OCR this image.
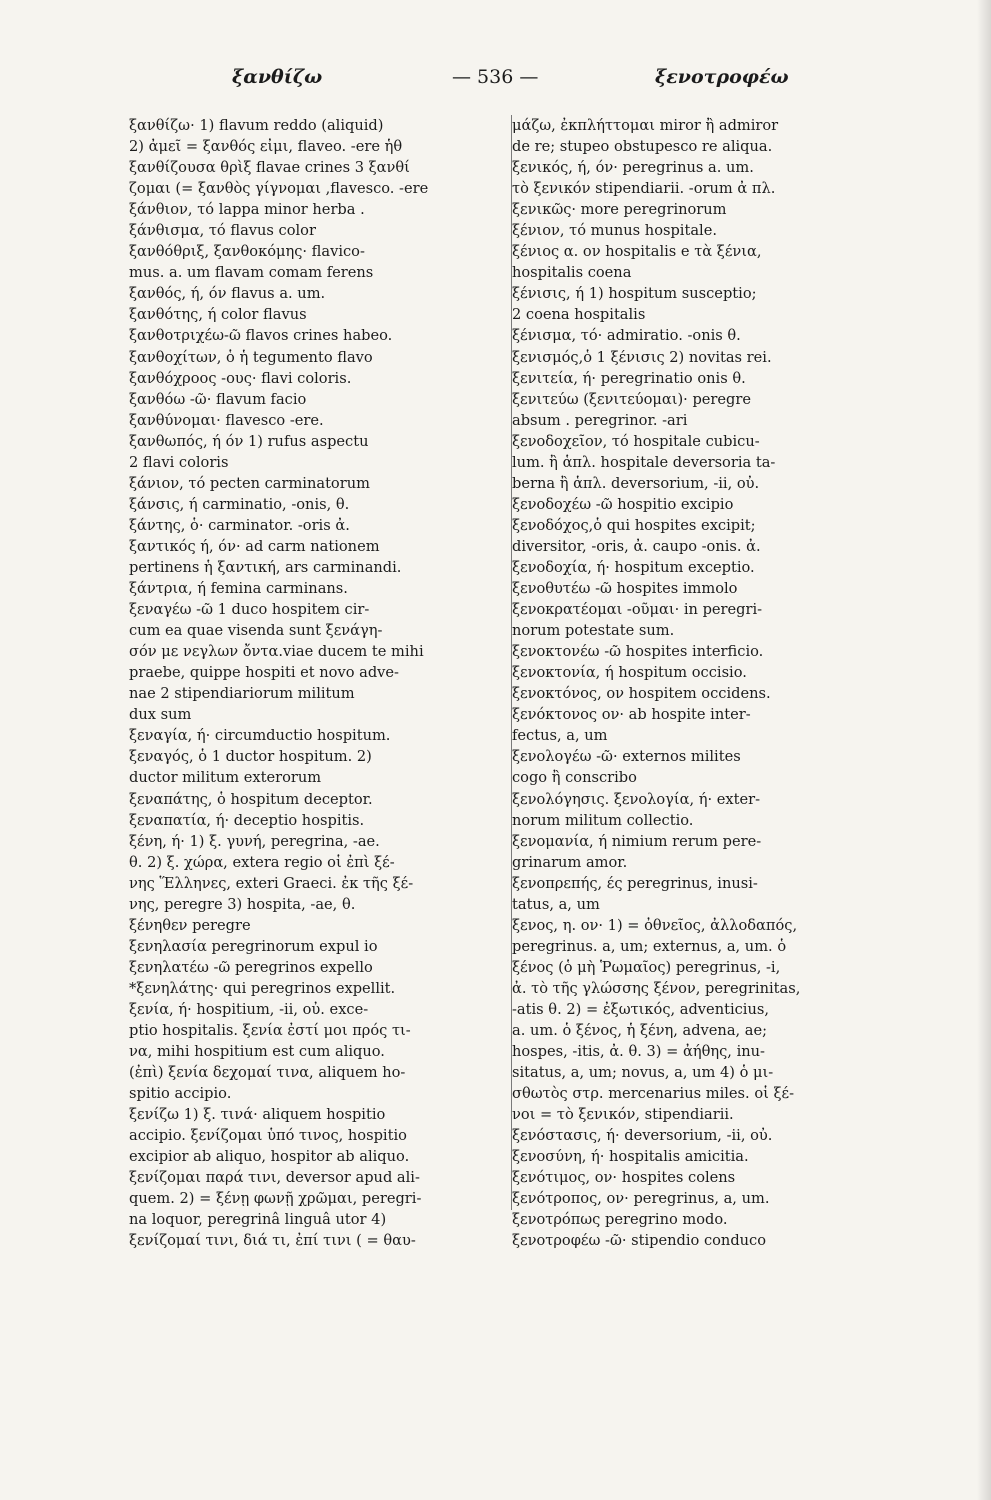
ξανθίζω	— 536 —	ξενοτροφέω
ξανθίζω· 1) flavum reddo (aliquid)
2) ἀμεῖ = ξανθός εἰμι, flaveo. -ere ἡθ
ξανθίζουσα θρὶξ flavae crines 3 ξανθί
ζομαι (= ξανθὸς γίγνομαι ,flavesco. -ere
ξάνθιον, τό lappa minor herba .
ξάνθισμα, τό flavus color
ξανθόθριξ, ξανθοκόμης· flavico-
mus. a. um flavam comam ferens
ξανθός, ή, όν flavus a. um.
ξανθότης, ή color flavus
ξανθοτριχέω-ῶ flavos crines habeo.
ξανθοχίτων, ὁ ἡ tegumento flavo
ξανθόχροος -ους· flavi coloris.
ξανθόω -ῶ· flavum facio
ξανθύνομαι· flavesco -ere.
ξανθωπός, ή όν 1) rufus aspectu
2 flavi coloris
ξάνιον, τό pecten carminatorum
ξάνσις, ή carminatio, -onis, θ.
ξάντης, ὁ· carminator. -oris ἀ.
ξαντικός ή, όν· ad carm nationem
pertinens ἡ ξαντική, ars carminandi.
ξάντρια, ή femina carminans.
ξεναγέω -ῶ 1 duco hospitem cir-
cum ea quae visenda sunt ξενάγη-
σόν με νεγλων ὄντα.viae ducem te mihi
praebe, quippe hospiti et novo adve-
nae 2 stipendiariorum militum
dux sum
ξεναγία, ή· circumductio hospitum.
ξεναγός, ὁ 1 ductor hospitum. 2)
ductor militum exterorum
ξεναπάτης, ὁ hospitum deceptor.
ξεναπατία, ή· deceptio hospitis.
ξένη, ή· 1) ξ. γυνή, peregrina, -ae.
θ. 2) ξ. χώρα, extera regio οἱ ἐπὶ ξέ-
νης Ἕλληνες, exteri Graeci. ἐκ τῆς ξέ-
νης, peregre 3) hospita, -ae, θ.
ξένηθεν peregre
ξενηλασία peregrinorum expul io
ξενηλατέω -ῶ peregrinos expello
*ξενηλάτης· qui peregrinos expellit.
ξενία, ή· hospitium, -ii, οὐ. exce-
ptio hospitalis. ξενία ἐστί μοι πρός τι-
να, mihi hospitium est cum aliquo.
(ἐπὶ) ξενία δεχομαί τινα, aliquem ho-
spitio accipio.
ξενίζω 1) ξ. τινά· aliquem hospitio
accipio. ξενίζομαι ὑπό τινος, hospitio
excipior ab aliquo, hospitor ab aliquo.
ξενίζομαι παρά τινι, deversor apud ali-
quem. 2) = ξένῃ φωνῇ χρῶμαι, peregri-
na loquor, peregrinâ linguâ utor 4)
ξενίζομαί τινι, διά τι, ἐπί τινι ( = θαυ-
μάζω, ἐκπλήττομαι miror ἢ admiror
de re; stupeo obstupesco re aliqua.
ξενικός, ή, όν· peregrinus a. um.
τὸ ξενικόν stipendiarii. -orum ἀ πλ.
ξενικῶς· more peregrinorum
ξένιον, τό munus hospitale.
ξένιος α. ον hospitalis e τὰ ξένια,
hospitalis coena
ξένισις, ή 1) hospitum susceptio;
2 coena hospitalis
ξένισμα, τό· admiratio. -onis θ.
ξενισμός,ὁ 1 ξένισις 2) novitas rei.
ξενιτεία, ή· peregrinatio onis θ.
ξενιτεύω (ξενιτεύομαι)· peregre
absum . peregrinor. -ari
ξενοδοχεῖον, τό hospitale cubicu-
lum. ἢ ἁπλ. hospitale deversoria ta-
berna ἢ ἁπλ. deversorium, -ii, οὐ.
ξενοδοχέω -ῶ hospitio excipio
ξενοδόχος,ὁ qui hospites excipit;
diversitor, -oris, ἀ. caupo -onis. ἀ.
ξενοδοχία, ή· hospitum exceptio.
ξενοθυτέω -ῶ hospites immolo
ξενοκρατέομαι -οῦμαι· in peregri-
norum potestate sum.
ξενοκτονέω -ῶ hospites interficio.
ξενοκτονία, ή hospitum occisio.
ξενοκτόνος, ον hospitem occidens.
ξενόκτονος ον· ab hospite inter-
fectus, a, um
ξενολογέω -ῶ· externos milites
cogo ἢ conscribo
ξενολόγησις. ξενολογία, ή· exter-
norum militum collectio.
ξενομανία, ή nimium rerum pere-
grinarum amor.
ξενοπρεπής, ές peregrinus, inusi-
tatus, a, um
ξενος, η. ον· 1) = ὀθνεῖος, ἀλλοδαπός,
peregrinus. a, um; externus, a, um. ὁ
ξένος (ὁ μὴ Ῥωμαῖος) peregrinus, -i,
ἀ. τὸ τῆς γλώσσης ξένον, peregrinitas,
-atis θ. 2) = ἐξωτικός, adventicius,
a. um. ὁ ξένος, ἡ ξένη, advena, ae;
hospes, -itis, ἀ. θ. 3) = ἀήθης, inu-
sitatus, a, um; novus, a, um 4) ὁ μι-
σθωτὸς στρ. mercenarius miles. οἱ ξέ-
νοι = τὸ ξενικόν, stipendiarii.
ξενόστασις, ή· deversorium, -ii, οὐ.
ξενοσύνη, ή· hospitalis amicitia.
ξενότιμος, ον· hospites colens
ξενότροπος, ον· peregrinus, a, um.
ξενοτρόπως peregrino modo.
ξενοτροφέω -ῶ· stipendio conduco
